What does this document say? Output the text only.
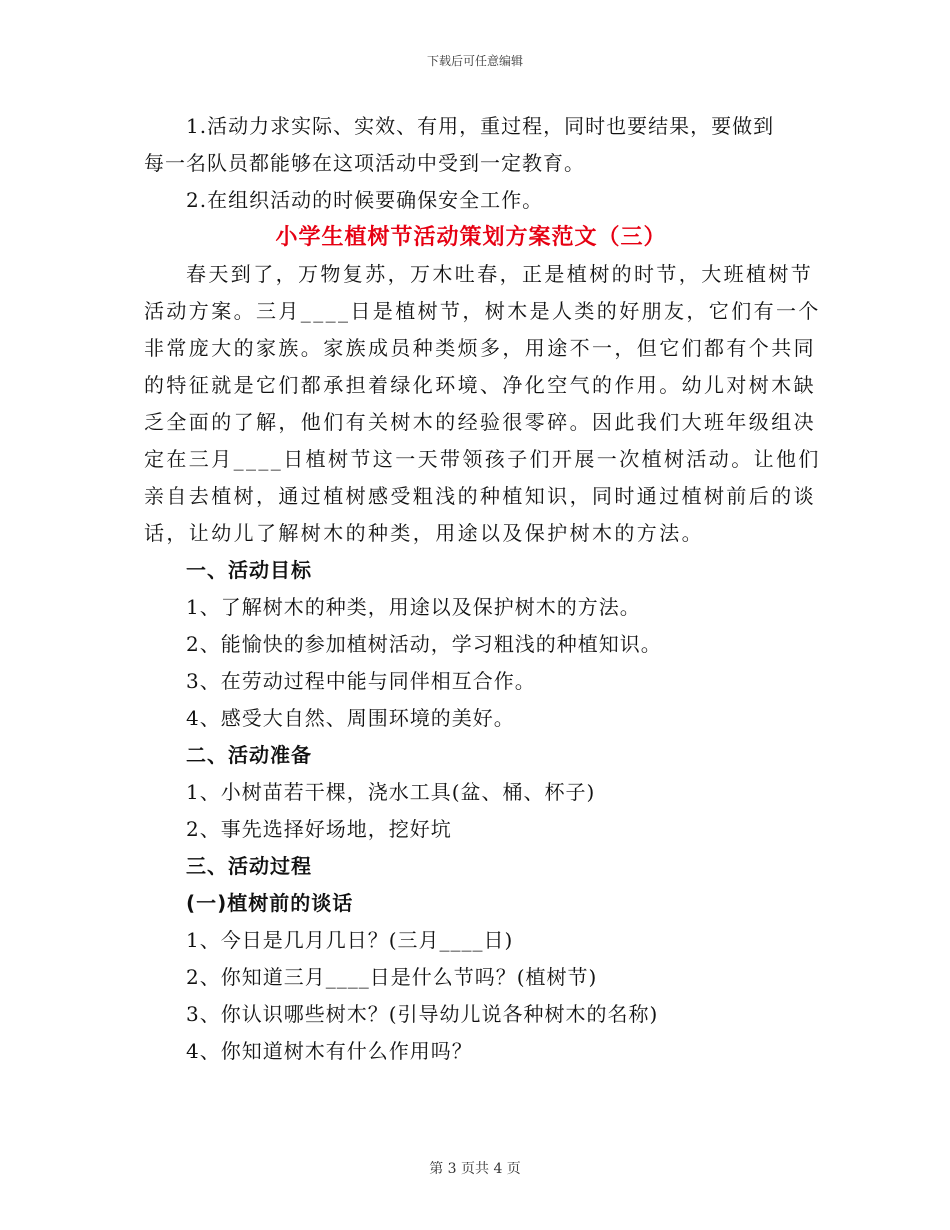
下载后可任意编辑
1.活动力求实际、实效、有用，重过程，同时也要结果，要做到
每一名队员都能够在这项活动中受到一定教育。
2.在组织活动的时候要确保安全工作。
小学生植树节活动策划方案范文（三）
春天到了，万物复苏，万木吐春，正是植树的时节，大班植树节
活动方案。三月____日是植树节，树木是人类的好朋友，它们有一个
非常庞大的家族。家族成员种类烦多，用途不一，但它们都有个共同
的特征就是它们都承担着绿化环境、净化空气的作用。幼儿对树木缺
乏全面的了解，他们有关树木的经验很零碎。因此我们大班年级组决
定在三月____日植树节这一天带领孩子们开展一次植树活动。让他们
亲自去植树，通过植树感受粗浅的种植知识，同时通过植树前后的谈
话，让幼儿了解树木的种类，用途以及保护树木的方法。
一、活动目标
1、了解树木的种类，用途以及保护树木的方法。
2、能愉快的参加植树活动，学习粗浅的种植知识。
3、在劳动过程中能与同伴相互合作。
4、感受大自然、周围环境的美好。
二、活动准备
1、小树苗若干棵，浇水工具(盆、桶、杯子)
2、事先选择好场地，挖好坑
三、活动过程
(一)植树前的谈话
1、今日是几月几日？(三月____日)
2、你知道三月____日是什么节吗？(植树节)
3、你认识哪些树木？(引导幼儿说各种树木的名称)
4、你知道树木有什么作用吗？
第 3 页共 4 页
